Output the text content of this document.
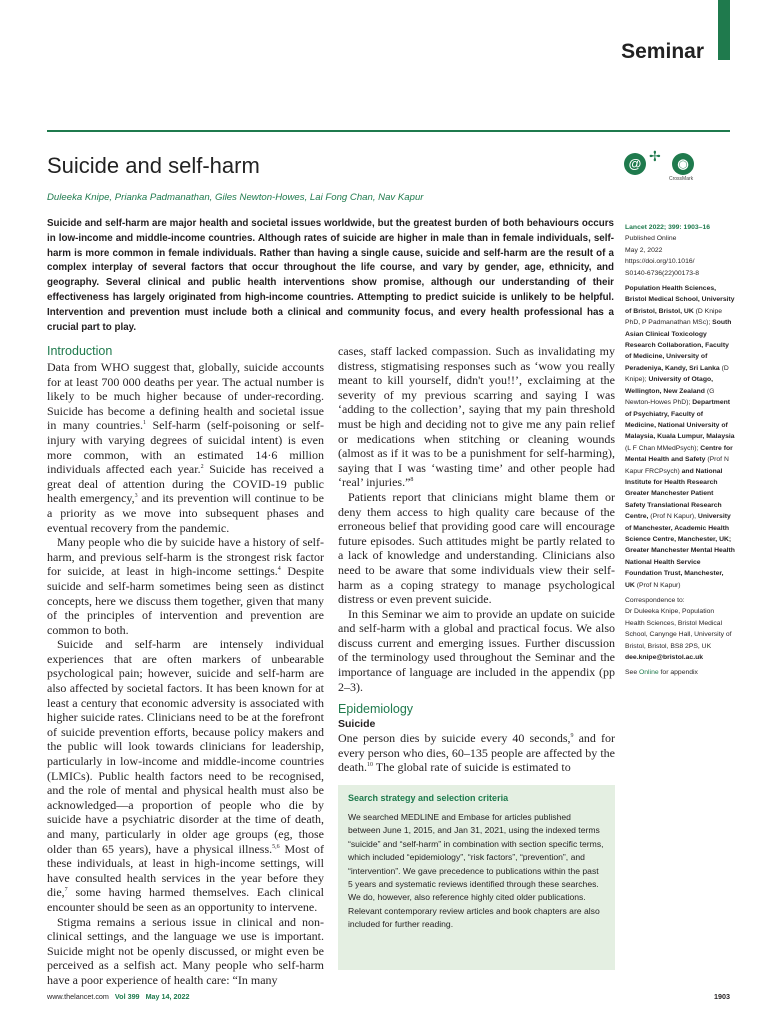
Seminar
Suicide and self-harm
Duleeka Knipe, Prianka Padmanathan, Giles Newton-Howes, Lai Fong Chan, Nav Kapur
@ ✢	◉
CrossMark

Suicide and self-harm are major health and societal issues worldwide, but the greatest burden of both behaviours occurs in low-income and middle-income countries. Although rates of suicide are higher in male than in female individuals, self-harm is more common in female individuals. Rather than having a single cause, suicide and self-harm are the result of a complex interplay of several factors that occur throughout the life course, and vary by gender, age, ethnicity, and geography. Several clinical and public health interventions show promise, although our understanding of their effectiveness has largely originated from high-income countries. Attempting to predict suicide is unlikely to be helpful. Intervention and prevention must include both a clinical and community focus, and every health professional has a crucial part to play.

Introduction

Data from WHO suggest that, globally, suicide accounts for at least 700 000 deaths per year. The actual number is likely to be much higher because of under-recording. Suicide has become a defining health and societal issue in many countries.$^1$ Self-harm (self-poisoning or self-injury with varying degrees of suicidal intent) is even more common, with an estimated 14·6 million individuals affected each year.$^2$ Suicide has received a great deal of attention during the COVID-19 public health emergency,$^3$ and its prevention will continue to be a priority as we move into subsequent phases and eventual recovery from the pandemic.

Many people who die by suicide have a history of self-harm, and previous self-harm is the strongest risk factor for suicide, at least in high-income settings.$^4$ Despite suicide and self-harm sometimes being seen as distinct concepts, here we discuss them together, given that many of the principles of intervention and prevention are common to both.

Suicide and self-harm are intensely individual experiences that are often markers of unbearable psychological pain; however, suicide and self-harm are also affected by societal factors. It has been known for at least a century that economic adversity is associated with higher suicide rates. Clinicians need to be at the forefront of suicide prevention efforts, because policy makers and the public will look towards clinicians for leadership, particularly in low-income and middle-income countries (LMICs). Public health factors need to be recognised, and the role of mental and physical health must also be acknowledged—a proportion of people who die by suicide have a psychiatric disorder at the time of death, and many, particularly in older age groups (eg, those older than 65 years), have a physical illness.$^{5,6}$ Most of these individuals, at least in high-income settings, will have consulted health services in the year before they die,$^7$ some having harmed themselves. Each clinical encounter should be seen as an opportunity to intervene.

Stigma remains a serious issue in clinical and non-clinical settings, and the language we use is important. Suicide might not be openly discussed, or might even be perceived as a selfish act. Many people who self-harm have a poor experience of health care: “In many

cases, staff lacked compassion. Such as invalidating my distress, stigmatising responses such as ‘wow you really meant to kill yourself, didn't you!!’, exclaiming at the severity of my previous scarring and saying I was ‘adding to the collection’, saying that my pain threshold must be high and deciding not to give me any pain relief or medications when stitching or cleaning wounds (almost as if it was to be a punishment for self-harming), saying that I was ‘wasting time’ and other people had ‘real’ injuries.”$^8$

Patients report that clinicians might blame them or deny them access to high quality care because of the erroneous belief that providing good care will encourage future episodes. Such attitudes might be partly related to a lack of knowledge and understanding. Clinicians also need to be aware that some individuals view their self-harm as a coping strategy to manage psychological distress or even prevent suicide.

In this Seminar we aim to provide an update on suicide and self-harm with a global and practical focus. We also discuss current and emerging issues. Further discussion of the terminology used throughout the Seminar and the importance of language are included in the appendix (pp 2–3).

Epidemiology
Suicide

One person dies by suicide every 40 seconds,$^9$ and for every person who dies, 60–135 people are affected by the death.$^{10}$ The global rate of suicide is estimated to

Search strategy and selection criteria

We searched MEDLINE and Embase for articles published between June 1, 2015, and Jan 31, 2021, using the indexed terms “suicide” and “self-harm” in combination with section specific terms, which included “epidemiology”, “risk factors”, “prevention”, and “intervention”. We gave precedence to publications within the past 5 years and systematic reviews identified through these searches. We do, however, also reference highly cited older publications. Relevant contemporary review articles and book chapters are also included for further reading.

Lancet 2022; 399: 1903–16
Published Online
May 2, 2022
https://doi.org/10.1016/
S0140-6736(22)00173-8
Population Health Sciences, Bristol Medical School, University of Bristol, Bristol, UK (D Knipe PhD, P Padmanathan MSc); South Asian Clinical Toxicology Research Collaboration, Faculty of Medicine, University of Peradeniya, Kandy, Sri Lanka (D Knipe); University of Otago, Wellington, New Zealand (G Newton-Howes PhD); Department of Psychiatry, Faculty of Medicine, National University of Malaysia, Kuala Lumpur, Malaysia (L F Chan MMedPsych); Centre for Mental Health and Safety (Prof N Kapur FRCPsych) and National Institute for Health Research Greater Manchester Patient Safety Translational Research Centre, (Prof N Kapur), University of Manchester, Academic Health Science Centre, Manchester, UK; Greater Manchester Mental Health National Health Service Foundation Trust, Manchester, UK (Prof N Kapur)
Correspondence to:
Dr Duleeka Knipe, Population Health Sciences, Bristol Medical School, Canynge Hall, University of Bristol, Bristol, BS8 2PS, UK
dee.knipe@bristol.ac.uk
See Online for appendix
www.thelancet.com Vol 399 May 14, 2022	1903
